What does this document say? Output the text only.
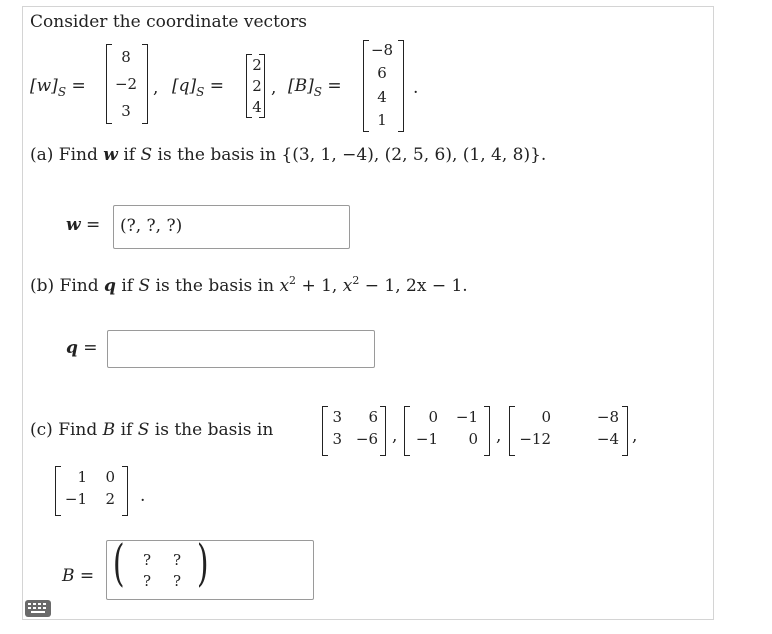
Consider the coordinate vectors
$[w]_S$ =
8
−2
3
, $[q]_S$ =
2
2
4
, $[B]_S$ =
−8
6
4
1
.
(a) Find w if S is the basis in {(3, 1, −4), (2, 5, 6), (1, 4, 8)}.
w = (?, ?, ?)
(b) Find q if S is the basis in $x^2 + 1$, $x^2 - 1$, 2x − 1.
q =
(c) Find B if S is the basis in
3	6
3 −6 ,
0	−1
−1	0 ,
0	−8
−12	−4 ,
1	0
−1	2 .
B = ( ? ?
? ? )
